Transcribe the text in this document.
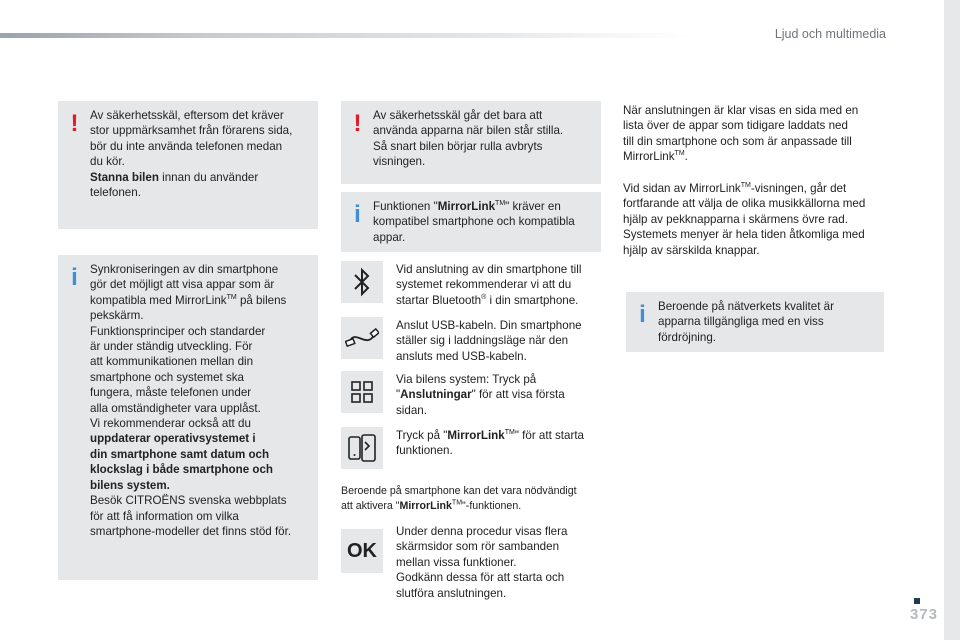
Ljud och multimedia
! Av säkerhetsskäl, eftersom det kräver

stor uppmärksamhet från förarens sida,

bör du inte använda telefonen medan

du kör.

Stanna bilen innan du använder

telefonen.

i Synkroniseringen av din smartphone

gör det möjligt att visa appar som är

kompatibla med MirrorLink™ på bilens

pekskärm.

Funktionsprinciper och standarder

är under ständig utveckling. För

att kommunikationen mellan din

smartphone och systemet ska

fungera, måste telefonen under

alla omständigheter vara upplåst.

Vi rekommenderar också att du

uppdaterar operativsystemet i

din smartphone samt datum och

klockslag i både smartphone och

bilens system.

Besök CITROËNS svenska webbplats

för att få information om vilka

smartphone-modeller det finns stöd för.

! Av säkerhetsskäl går det bara att

använda apparna när bilen står stilla.

Så snart bilen börjar rulla avbryts

visningen.

i Funktionen "MirrorLink™" kräver en

kompatibel smartphone och kompatibla

appar.

Vid anslutning av din smartphone till
systemet rekommenderar vi att du
startar Bluetooth® i din smartphone.
Anslut USB-kabeln. Din smartphone
ställer sig i laddningsläge när den
ansluts med USB-kabeln.
Via bilens system: Tryck på
"Anslutningar" för att visa första
sidan.
Tryck på "MirrorLink™" för att starta
funktionen.
Beroende på smartphone kan det vara nödvändigt
att aktivera "MirrorLink™"-funktionen.
OK
Under denna procedur visas flera
skärmsidor som rör sambanden
mellan vissa funktioner.
Godkänn dessa för att starta och
slutföra anslutningen.

När anslutningen är klar visas en sida med en

lista över de appar som tidigare laddats ned

till din smartphone och som är anpassade till

MirrorLink™.

Vid sidan av MirrorLink™-visningen, går det

fortfarande att välja de olika musikkällorna med

hjälp av pekknapparna i skärmens övre rad.

Systemets menyer är hela tiden åtkomliga med

hjälp av särskilda knappar.

i Beroende på nätverkets kvalitet är

apparna tillgängliga med en viss

fördröjning.

373
